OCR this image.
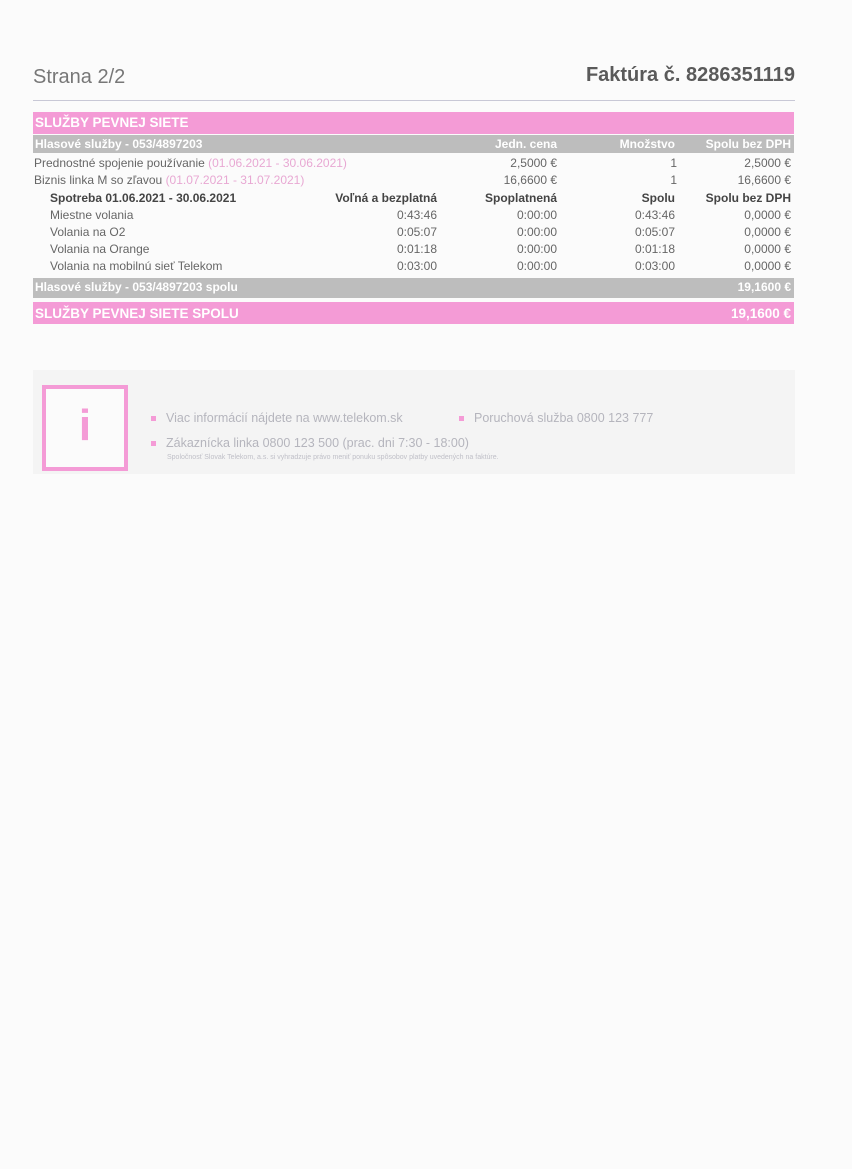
Strana 2/2	Faktúra č. 8286351119
SLUŽBY PEVNEJ SIETE
Hlasové služby - 053/4897203	Jedn. cena	Množstvo	Spolu bez DPH
Prednostné spojenie používanie (01.06.2021 - 30.06.2021)	2,5000 €	1	2,5000 €
Biznis linka M so zľavou (01.07.2021 - 31.07.2021)	16,6600 €	1	16,6600 €
Spotreba 01.06.2021 - 30.06.2021	Voľná a bezplatná	Spoplatnená	Spolu	Spolu bez DPH
Miestne volania	0:43:46	0:00:00	0:43:46	0,0000 €
Volania na O2	0:05:07	0:00:00	0:05:07	0,0000 €
Volania na Orange	0:01:18	0:00:00	0:01:18	0,0000 €
Volania na mobilnú sieť Telekom	0:03:00	0:00:00	0:03:00	0,0000 €
Hlasové služby - 053/4897203 spolu	19,1600 €
SLUŽBY PEVNEJ SIETE SPOLU	19,1600 €
i	Viac informácií nájdete na www.telekom.sk	Poruchová služba 0800 123 777
Zákaznícka linka 0800 123 500 (prac. dni 7:30 - 18:00)
Spoločnosť Slovak Telekom, a.s. si vyhradzuje právo meniť ponuku spôsobov platby uvedených na faktúre.
